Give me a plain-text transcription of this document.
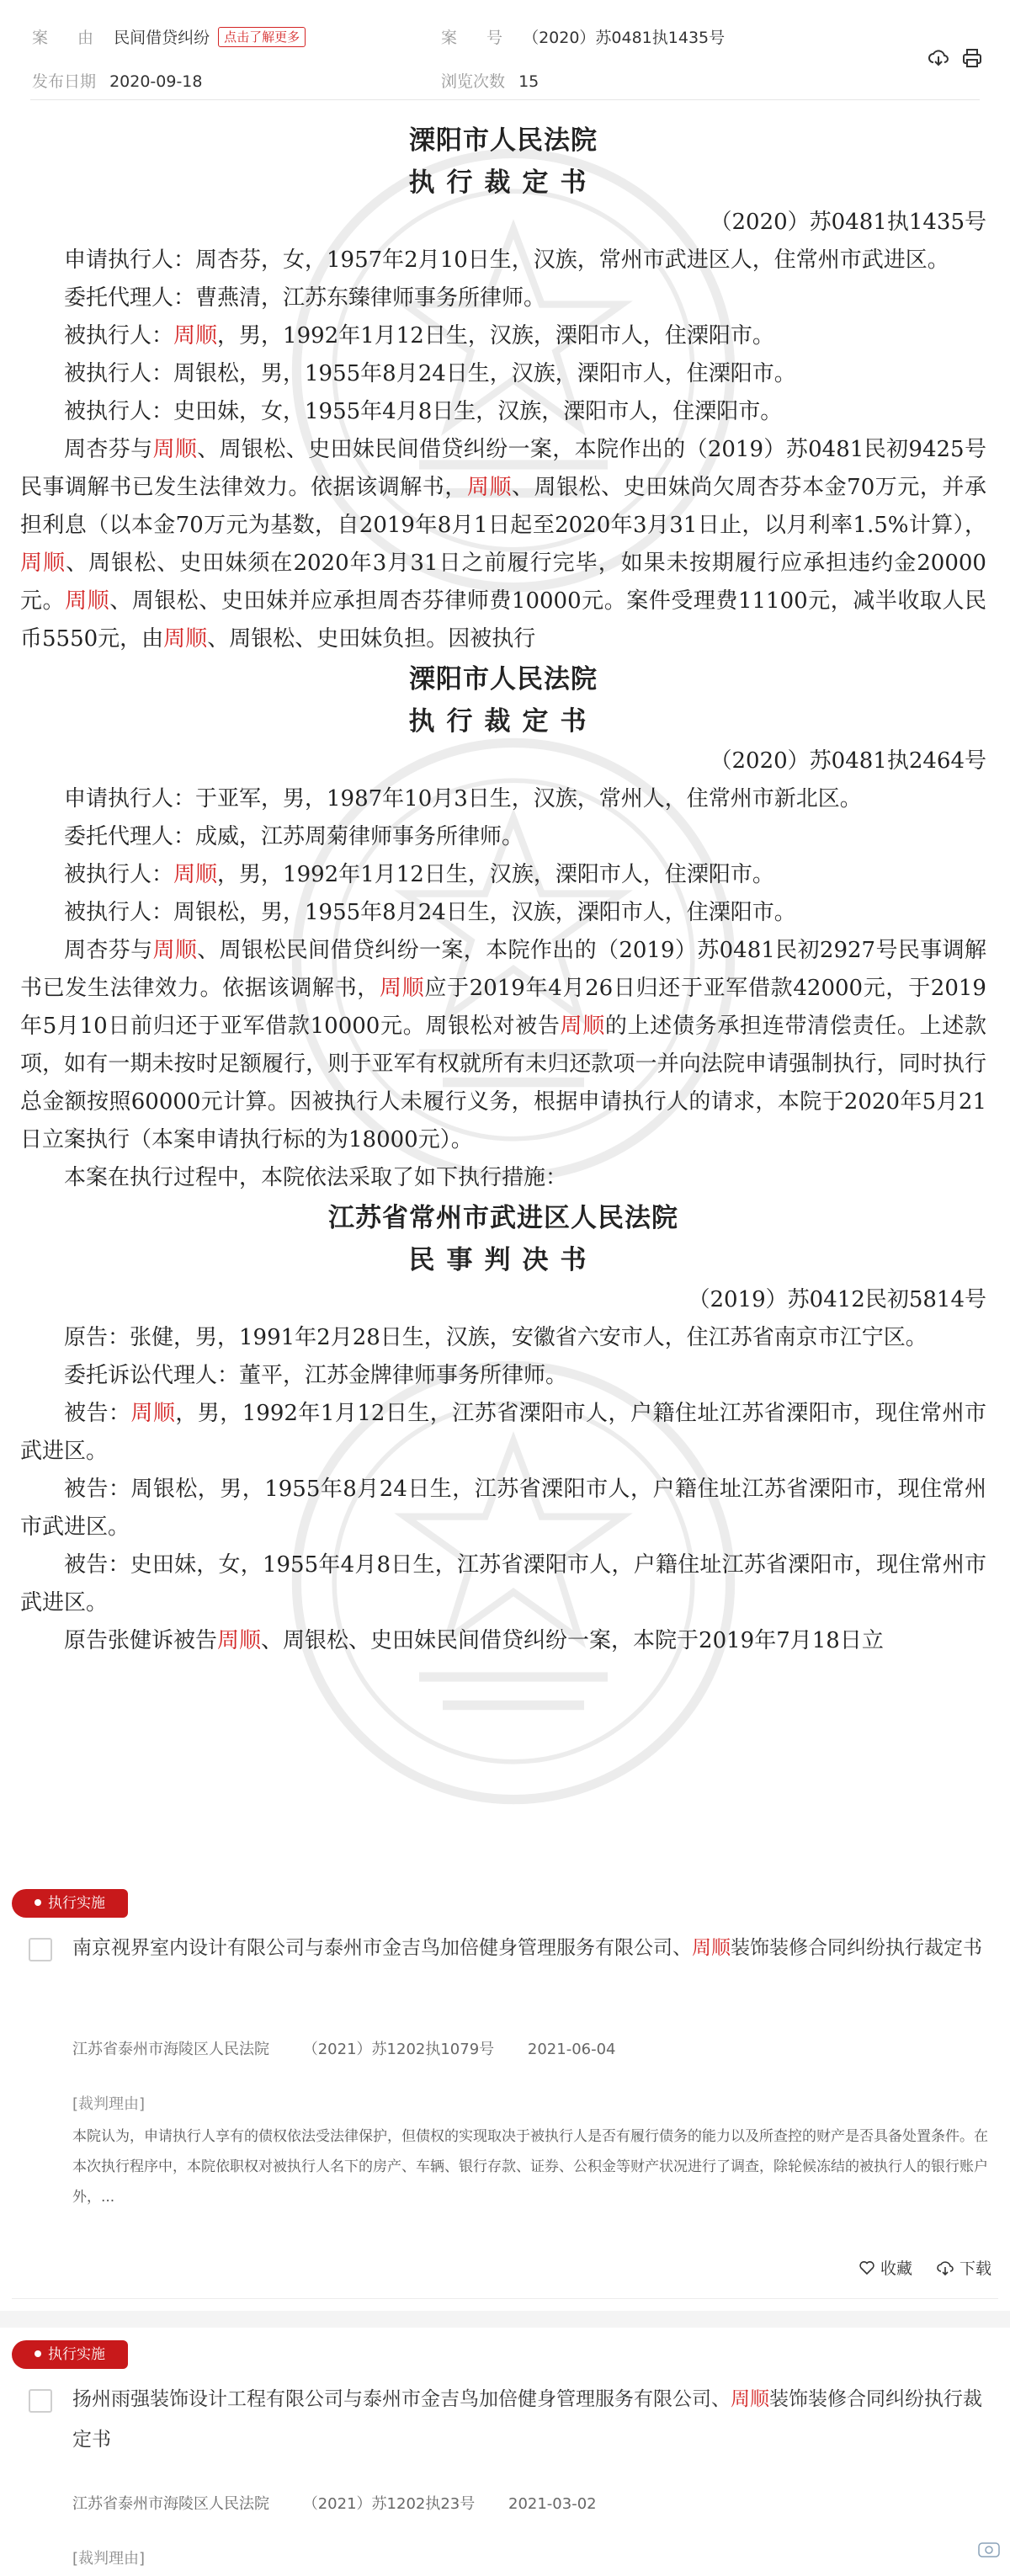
案　由 民间借贷纠纷 点击了解更多	案　号 （2020）苏0481执1435号
发布日期 2020-09-18	浏览次数 15
溧阳市人民法院
执行裁定书
（2020）苏0481执1435号

申请执行人：周杏芬，女，1957年2月10日生，汉族，常州市武进区人，住常州市武进区。

委托代理人：曹燕清，江苏东臻律师事务所律师。

被执行人：周顺，男，1992年1月12日生，汉族，溧阳市人，住溧阳市。

被执行人：周银松，男，1955年8月24日生，汉族，溧阳市人，住溧阳市。

被执行人：史田妹，女，1955年4月8日生，汉族，溧阳市人，住溧阳市。

周杏芬与周顺、周银松、史田妹民间借贷纠纷一案，本院作出的（2019）苏0481民初9425号民事调解书已发生法律效力。依据该调解书，周顺、周银松、史田妹尚欠周杏芬本金70万元，并承担利息（以本金70万元为基数，自2019年8月1日起至2020年3月31日止，以月利率1.5%计算），周顺、周银松、史田妹须在2020年3月31日之前履行完毕，如果未按期履行应承担违约金20000元。周顺、周银松、史田妹并应承担周杏芬律师费10000元。案件受理费11100元，减半收取人民币5550元，由周顺、周银松、史田妹负担。因被执行

溧阳市人民法院
执行裁定书
（2020）苏0481执2464号

申请执行人：于亚军，男，1987年10月3日生，汉族，常州人，住常州市新北区。

委托代理人：成威，江苏周菊律师事务所律师。

被执行人：周顺，男，1992年1月12日生，汉族，溧阳市人，住溧阳市。

被执行人：周银松，男，1955年8月24日生，汉族，溧阳市人，住溧阳市。

周杏芬与周顺、周银松民间借贷纠纷一案，本院作出的（2019）苏0481民初2927号民事调解书已发生法律效力。依据该调解书，周顺应于2019年4月26日归还于亚军借款42000元，于2019年5月10日前归还于亚军借款10000元。周银松对被告周顺的上述债务承担连带清偿责任。上述款项，如有一期未按时足额履行，则于亚军有权就所有未归还款项一并向法院申请强制执行，同时执行总金额按照60000元计算。因被执行人未履行义务，根据申请执行人的请求，本院于2020年5月21日立案执行（本案申请执行标的为18000元）。

本案在执行过程中，本院依法采取了如下执行措施：

江苏省常州市武进区人民法院
民事判决书
（2019）苏0412民初5814号

原告：张健，男，1991年2月28日生，汉族，安徽省六安市人，住江苏省南京市江宁区。

委托诉讼代理人：董平，江苏金牌律师事务所律师。

被告：周顺，男，1992年1月12日生，江苏省溧阳市人，户籍住址江苏省溧阳市，现住常州市武进区。

被告：周银松，男，1955年8月24日生，江苏省溧阳市人，户籍住址江苏省溧阳市，现住常州市武进区。

被告：史田妹，女，1955年4月8日生，江苏省溧阳市人，户籍住址江苏省溧阳市，现住常州市武进区。

原告张健诉被告周顺、周银松、史田妹民间借贷纠纷一案，本院于2019年7月18日立

执行实施
南京视界室内设计有限公司与泰州市金吉鸟加倍健身管理服务有限公司、周顺装饰装修合同纠纷执行裁定书
江苏省泰州市海陵区人民法院 （2021）苏1202执1079号 2021-06-04
[裁判理由]
本院认为，申请执行人享有的债权依法受法律保护，但债权的实现取决于被执行人是否有履行债务的能力以及所查控的财产是否具备处置条件。在本次执行程序中，本院依职权对被执行人名下的房产、车辆、银行存款、证券、公积金等财产状况进行了调查，除轮候冻结的被执行人的银行账户外，...
收藏	下载
执行实施
扬州雨强装饰设计工程有限公司与泰州市金吉鸟加倍健身管理服务有限公司、周顺装饰装修合同纠纷执行裁定书
江苏省泰州市海陵区人民法院 （2021）苏1202执23号 2021-03-02
[裁判理由]
